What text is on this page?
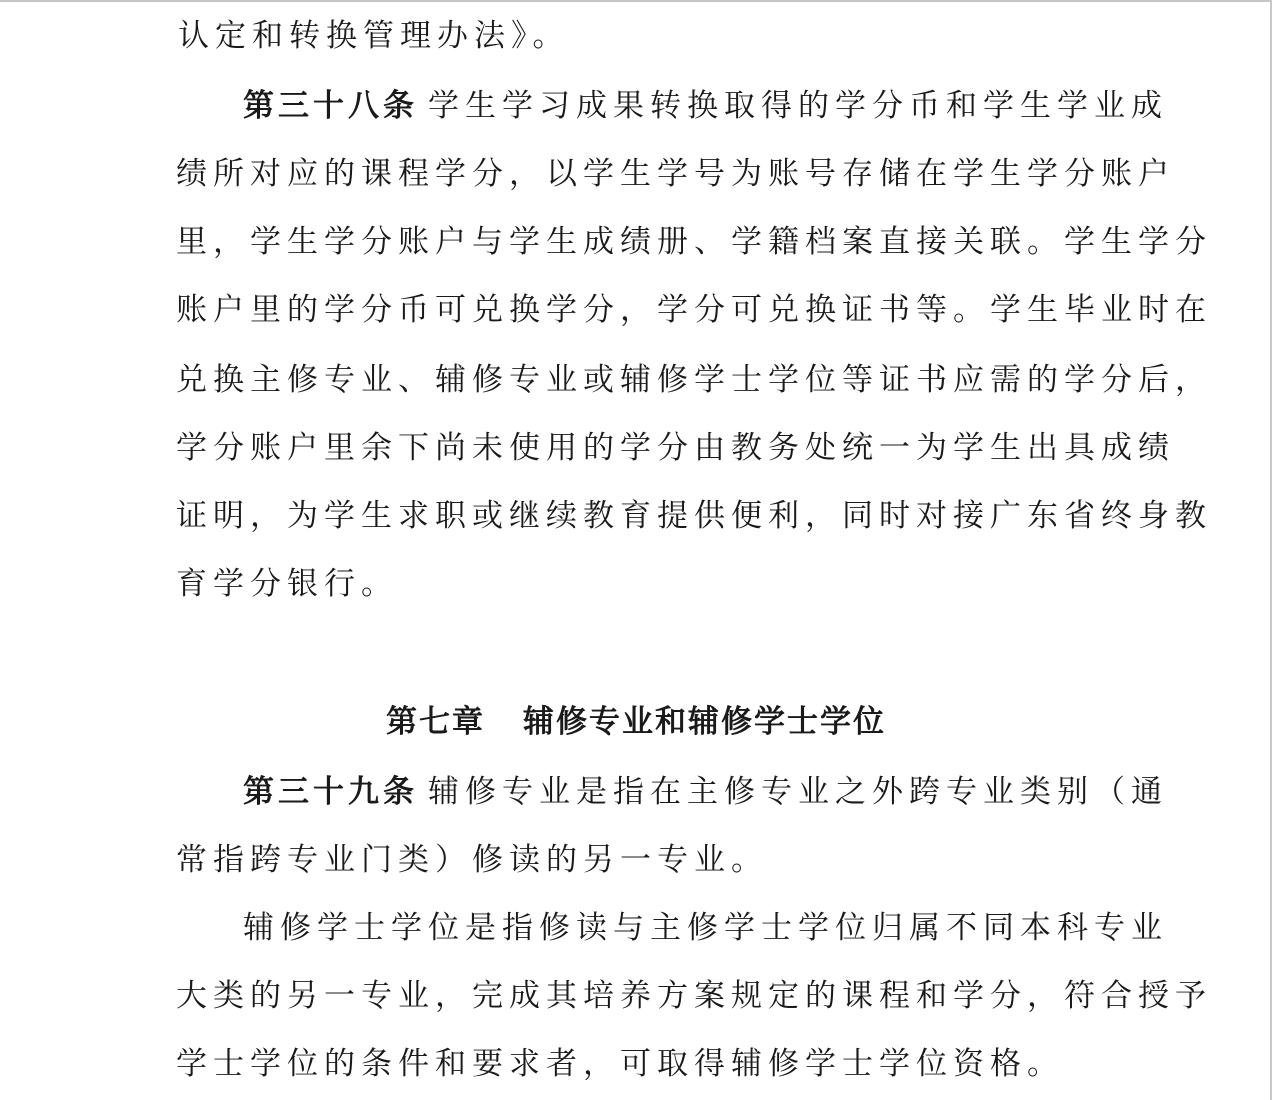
认定和转换管理办法》。
第三十八条 学生学习成果转换取得的学分币和学生学业成
绩所对应的课程学分，以学生学号为账号存储在学生学分账户
里，学生学分账户与学生成绩册、学籍档案直接关联。学生学分
账户里的学分币可兑换学分，学分可兑换证书等。学生毕业时在
兑换主修专业、辅修专业或辅修学士学位等证书应需的学分后，
学分账户里余下尚未使用的学分由教务处统一为学生出具成绩
证明，为学生求职或继续教育提供便利，同时对接广东省终身教
育学分银行。
第七章 辅修专业和辅修学士学位
第三十九条 辅修专业是指在主修专业之外跨专业类别（通
常指跨专业门类）修读的另一专业。
辅修学士学位是指修读与主修学士学位归属不同本科专业
大类的另一专业，完成其培养方案规定的课程和学分，符合授予
学士学位的条件和要求者，可取得辅修学士学位资格。
